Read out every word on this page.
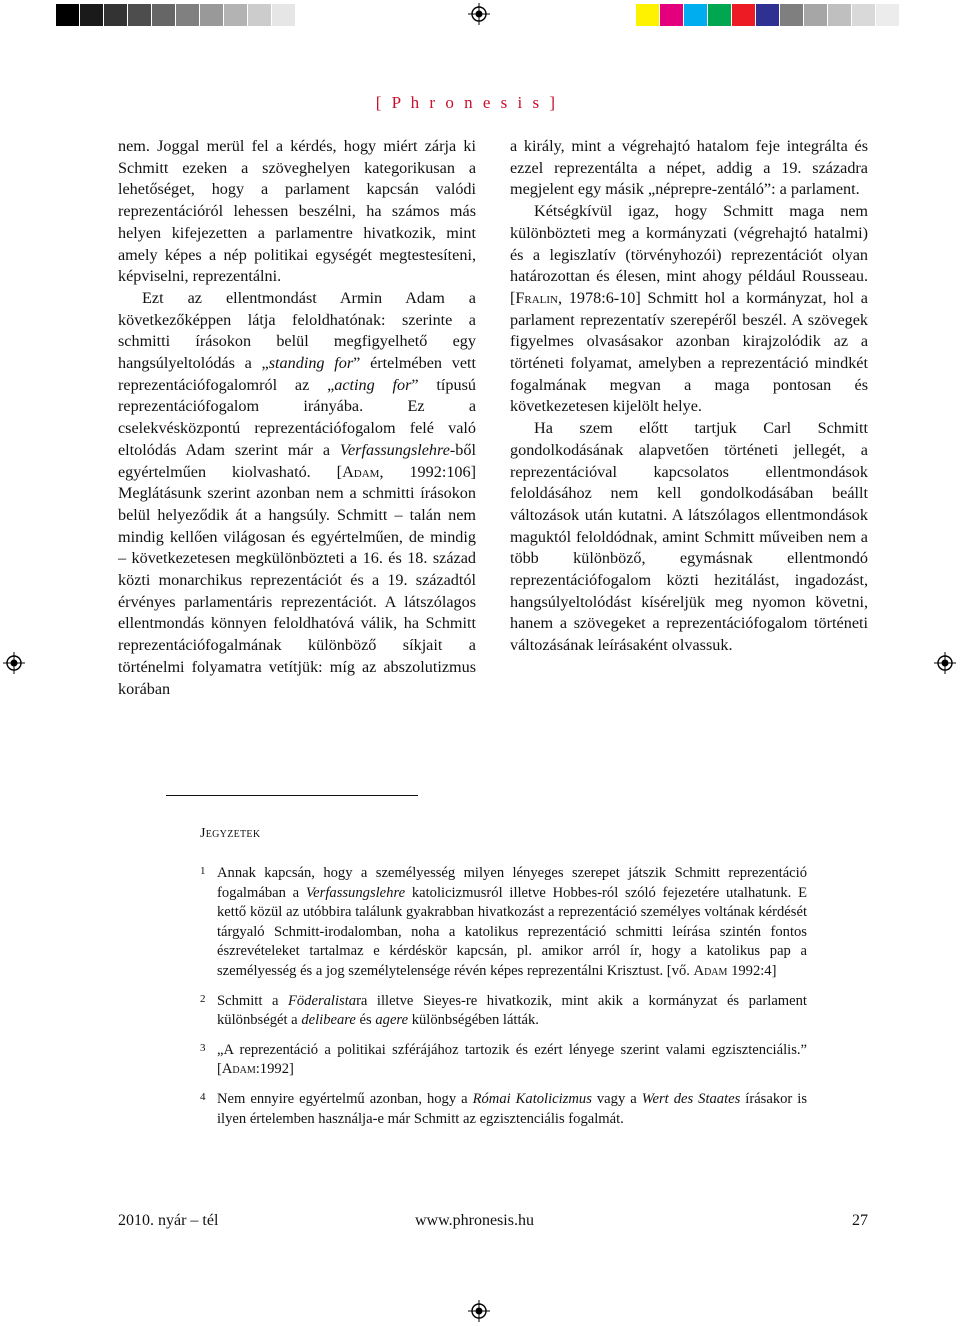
[ P h r o n e s i s ]

nem. Joggal merül fel a kérdés, hogy miért zárja ki Schmitt ezeken a szöveghelyen kategorikusan a lehetőséget, hogy a parlament kapcsán valódi reprezentációról lehessen beszélni, ha számos más helyen kifejezetten a parlamentre hivatkozik, mint amely képes a nép politikai egységét megtestesíteni, képviselni, reprezentálni.

Ezt az ellentmondást Armin Adam a következőképpen látja feloldhatónak: szerinte a schmitti írásokon belül megfigyelhető egy hangsúlyeltolódás a „standing for” értelmében vett reprezentációfogalomról az „acting for” típusú reprezentációfogalom irányába. Ez a cselekvésközpontú reprezentációfogalom felé való eltolódás Adam szerint már a Verfassungslehre-ből egyértelműen kiolvasható. [Adam, 1992:106] Meglátásunk szerint azonban nem a schmitti írásokon belül helyeződik át a hangsúly. Schmitt – talán nem mindig kellően világosan és egyértelműen, de mindig – következetesen megkülönbözteti a 16. és 18. század közti monarchikus reprezentációt és a 19. századtól érvényes parlamentáris reprezentációt. A látszólagos ellentmondás könnyen feloldhatóvá válik, ha Schmitt reprezentációfogalmának különböző síkjait a történelmi folyamatra vetítjük: míg az abszolutizmus korában

a király, mint a végrehajtó hatalom feje integrálta és ezzel reprezentálta a népet, addig a 19. századra megjelent egy másik „néprepre-zentáló”: a parlament.

Kétségkívül igaz, hogy Schmitt maga nem különbözteti meg a kormányzati (végrehajtó hatalmi) és a legiszlatív (törvényhozói) reprezentációt olyan határozottan és élesen, mint ahogy például Rousseau. [Fralin, 1978:6-10] Schmitt hol a kormányzat, hol a parlament reprezentatív szerepéről beszél. A szövegek figyelmes olvasásakor azonban kirajzolódik az a történeti folyamat, amelyben a reprezentáció mindkét fogalmának megvan a maga pontosan és következetesen kijelölt helye.

Ha szem előtt tartjuk Carl Schmitt gondolkodásának alapvetően történeti jellegét, a reprezentációval kapcsolatos ellentmondások feloldásához nem kell gondolkodásában beállt változások után kutatni. A látszólagos ellentmondások maguktól feloldódnak, amint Schmitt műveiben nem a több különböző, egymásnak ellentmondó reprezentációfogalom közti hezitálást, ingadozást, hangsúlyeltolódást kíséreljük meg nyomon követni, hanem a szövegeket a reprezentációfogalom történeti változásának leírásaként olvassuk.

Jegyzetek
1 Annak kapcsán, hogy a személyesség milyen lényeges szerepet játszik Schmitt reprezentáció fogalmában a Verfassungslehre katolicizmusról illetve Hobbes-ról szóló fejezetére utalhatunk. E kettő közül az utóbbira találunk gyakrabban hivatkozást a reprezentáció személyes voltának kérdését tárgyaló Schmitt-irodalomban, noha a katolikus reprezentáció schmitti leírása szintén fontos észrevételeket tartalmaz e kérdéskör kapcsán, pl. amikor arról ír, hogy a katolikus pap a személyesség és a jog személytelensége révén képes reprezentálni Krisztust. [vő. Adam 1992:4]
2 Schmitt a Föderalistara illetve Sieyes-re hivatkozik, mint akik a kormányzat és parlament különbségét a delibeare és agere különbségében látták.
3 „A reprezentáció a politikai szférájához tartozik és ezért lényege szerint valami egzisztenciális.” [Adam:1992]
4 Nem ennyire egyértelmű azonban, hogy a Római Katolicizmus vagy a Wert des Staates írásakor is ilyen értelemben használja-e már Schmitt az egzisztenciális fogalmát.
2010. nyár – tél	www.phronesis.hu	27
